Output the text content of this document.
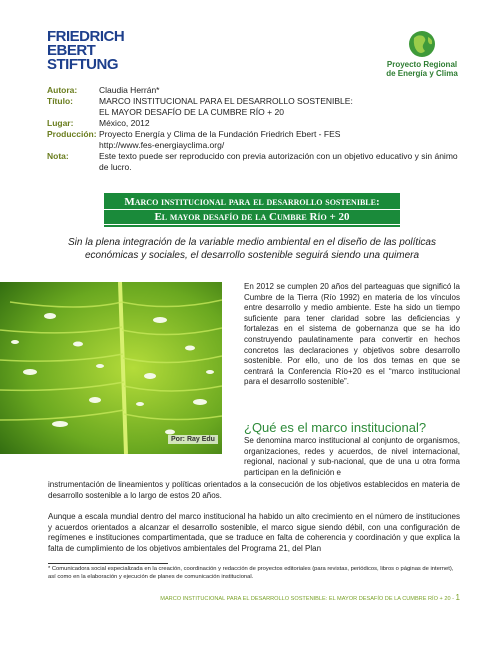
FRIEDRICH
EBERT
STIFTUNG	Proyecto Regional
de Energía y Clima
Autora:	Claudia Herrán*
Título:	MARCO INSTITUCIONAL PARA EL DESARROLLO SOSTENIBLE:
EL MAYOR DESAFÍO DE LA CUMBRE RÍO + 20
Lugar:	México, 2012
Producción: Proyecto Energía y Clima de la Fundación Friedrich Ebert - FES
http://www.fes-energiayclima.org/
Nota:	Este texto puede ser reproducido con previa autorización con un objetivo educativo y sin ánimo
de lucro.
Marco institucional para el desarrollo sostenible:
El mayor desafío de la Cumbre Río + 20
Sin la plena integración de la variable medio ambiental en el diseño de las políticas económicas y sociales, el desarrollo sostenible seguirá siendo una quimera
Por: Ray Edu
En 2012 se cumplen 20 años del parteaguas que significó la Cumbre de la Tierra (Río 1992) en materia de los vínculos entre desarrollo y medio ambiente. Este ha sido un tiempo suficiente para tener claridad sobre las deficiencias y fortalezas en el sistema de gobernanza que se ha ido construyendo paulatinamente para convertir en hechos concretos las declaraciones y objetivos sobre desarrollo sostenible. Por ello, uno de los dos temas en que se centrará la Conferencia Río+20 es el “marco institucional para el desarrollo sostenible”.
¿Qué es el marco institucional?
Se denomina marco institucional al conjunto de organismos, organizaciones, redes y acuerdos, de nivel internacional, regional, nacional y sub-nacional, que de una u otra forma participan en la definición e
instrumentación de lineamientos y políticas orientados a la consecución de los objetivos establecidos en materia de desarrollo sostenible a lo largo de estos 20 años.
Aunque a escala mundial dentro del marco institucional ha habido un alto crecimiento en el número de instituciones y acuerdos orientados a alcanzar el desarrollo sostenible, el marco sigue siendo débil, con una configuración de regímenes e instituciones compartimentada, que se traduce en falta de coherencia y coordinación y que explica la falta de cumplimiento de los objetivos ambientales del Programa 21, del Plan
* Comunicadora social especializada en la creación, coordinación y redacción de proyectos editoriales (para revistas, periódicos, libros o páginas de internet), así como en la elaboración y ejecución de planes de comunicación institucional.
MARCO INSTITUCIONAL PARA EL DESARROLLO SOSTENIBLE: EL MAYOR DESAFÍO DE LA CUMBRE RÍO + 20 - 1
